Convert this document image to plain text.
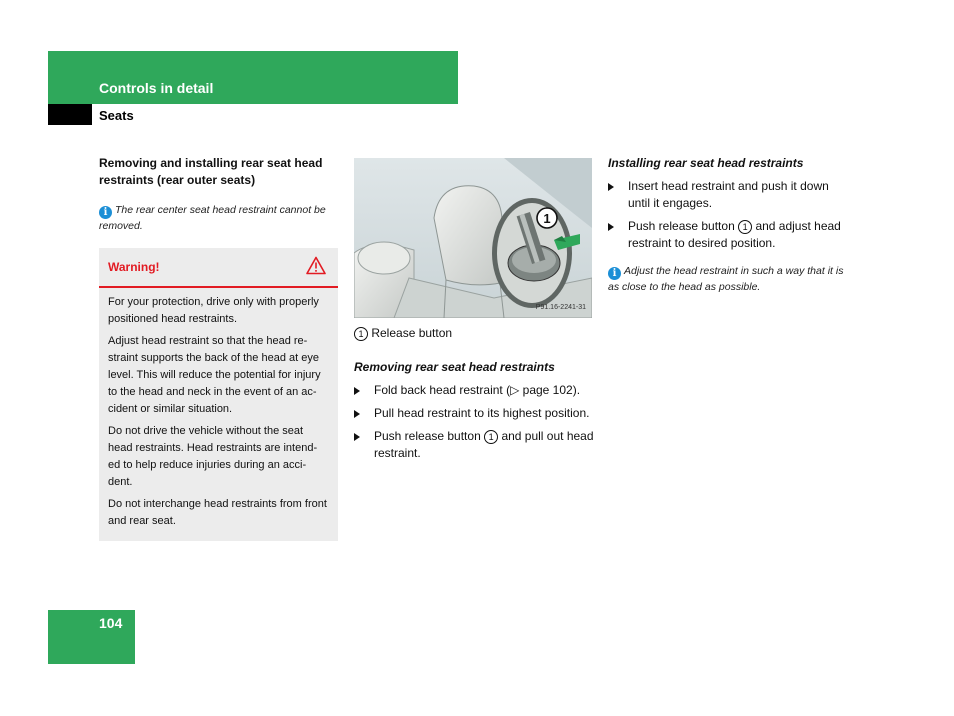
Controls in detail
Seats

Removing and installing rear seat head restraints (rear outer seats)

i The rear center seat head restraint cannot be removed.
Warning!

For your protection, drive only with properly positioned head restraints.

Adjust head restraint so that the head re-straint supports the back of the head at eye level. This will reduce the potential for injury to the head and neck in the event of an ac-cident or similar situation.

Do not drive the vehicle without the seat head restraints. Head restraints are intend-ed to help reduce injuries during an acci-dent.

Do not interchange head restraints from front and rear seat.

1
P91.16-2241-31
1 Release button

Removing rear seat head restraints

Fold back head restraint (▷ page 102).
Pull head restraint to its highest position.
Push release button 1 and pull out head restraint.

Installing rear seat head restraints

Insert head restraint and push it down until it engages.
Push release button 1 and adjust head restraint to desired position.
i Adjust the head restraint in such a way that it is as close to the head as possible.
104
